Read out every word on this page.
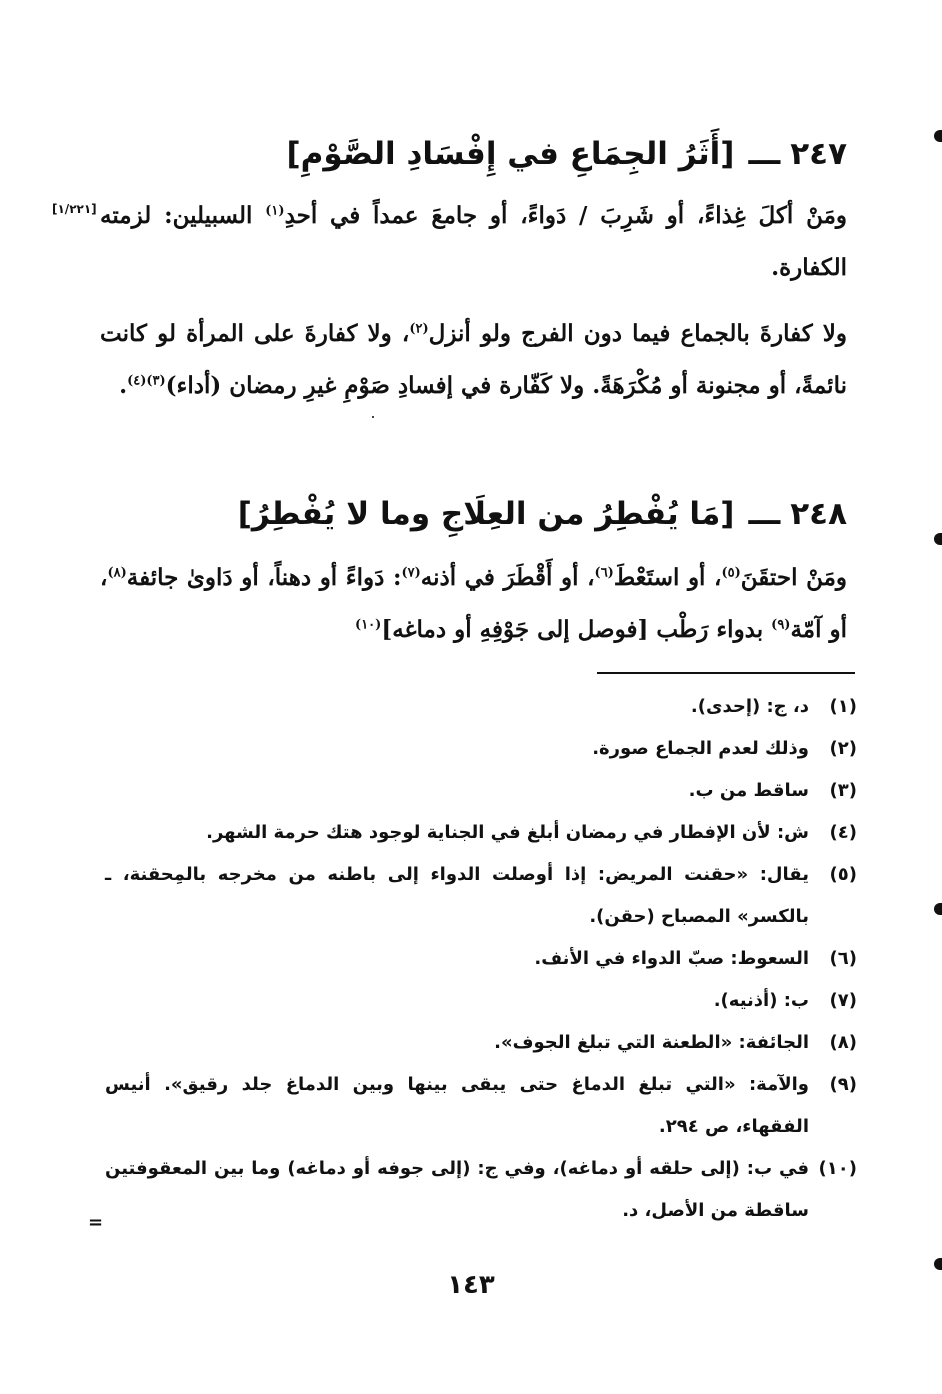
٢٤٧ـــ[أَثَرُ الجِمَاعِ في إِفْسَادِ الصَّوْمِ]
[١/٢٢١]	ومَنْ أكلَ غِذاءً، أو شَرِبَ / دَواءً، أو جامعَ عمداً في أحدِ$^{(١)}$ السبيلين: لزمته الكفارة.

ولا كفارةَ بالجماع فيما دون الفرج ولو أنزل$^{(٢)}$، ولا كفارةَ على المرأة لو كانت نائمةً، أو مجنونة أو مُكْرَهَةً. ولا كَفّارة في إفسادِ صَوْمِ غيرِ رمضان (أداء)$^{(٣)(٤)}$.

٢٤٨ـــ[مَا يُفْطِرُ من العِلَاجِ وما لا يُفْطِرُ]

ومَنْ احتقَنَ$^{(٥)}$، أو استَعْطَ$^{(٦)}$، أو أَقْطَرَ في أذنه$^{(٧)}$: دَواءً أو دهناً، أو دَاوىٰ جائفة$^{(٨)}$، أو آمّة$^{(٩)}$ بدواء رَطْب [فوصل إلى جَوْفِهِ أو دماغه]$^{(١٠)}$

(١)
د، ج: (إحدى).
(٢)
وذلك لعدم الجماع صورة.
(٣)
ساقط من ب.
(٤)
ش: لأن الإفطار في رمضان أبلغ في الجناية لوجود هتك حرمة الشهر.
(٥)
يقال: «حقنت المريض: إذا أوصلت الدواء إلى باطنه من مخرجه بالمِحقنة، ـ بالكسر» المصباح (حقن).
(٦)
السعوط: صبّ الدواء في الأنف.
(٧)
ب: (أذنيه).
(٨)
الجائفة: «الطعنة التي تبلغ الجوف».
(٩)
والآمة: «التي تبلغ الدماغ حتى يبقى بينها وبين الدماغ جلد رقيق». أنيس الفقهاء، ص ٢٩٤.
(١٠)
في ب: (إلى حلقه أو دماغه)، وفي ج: (إلى جوفه أو دماغه) وما بين المعقوفتين ساقطة من الأصل، د.
=
١٤٣
